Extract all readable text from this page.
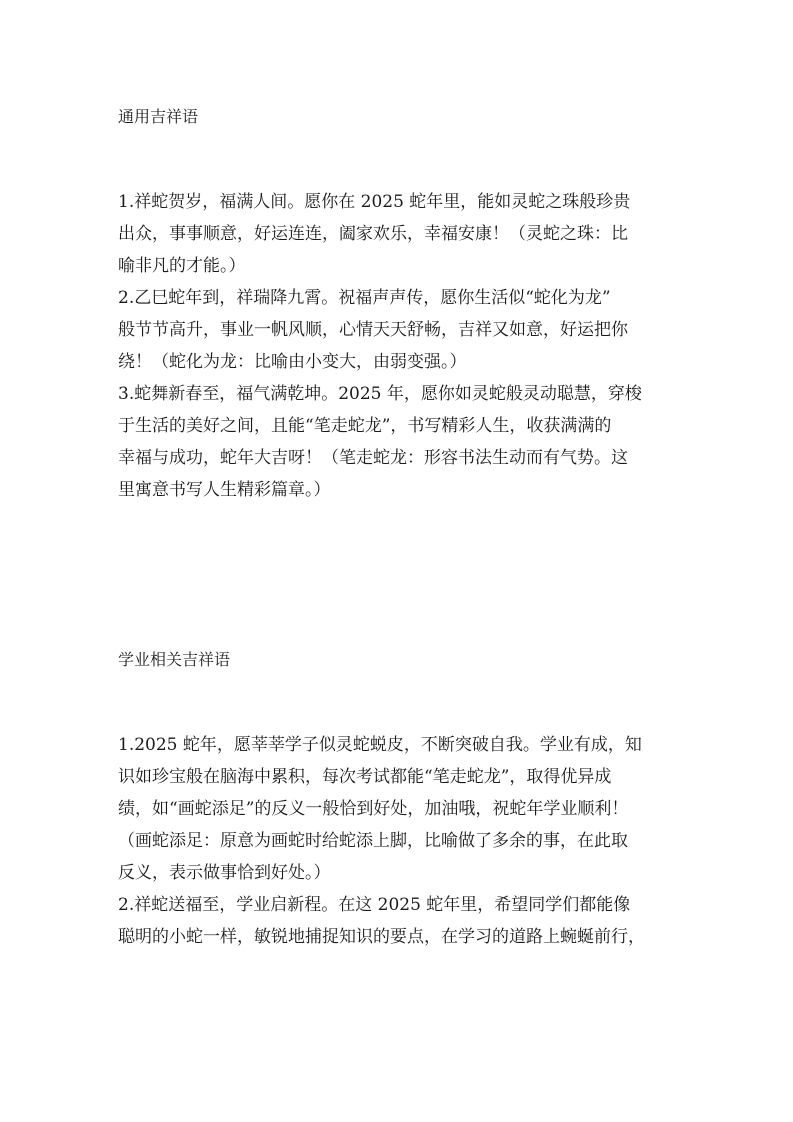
通用吉祥语
1.祥蛇贺岁，福满人间。愿你在 2025 蛇年里，能如灵蛇之珠般珍贵
出众，事事顺意，好运连连，阖家欢乐，幸福安康！（灵蛇之珠：比
喻非凡的才能。）
2.乙巳蛇年到，祥瑞降九霄。祝福声声传，愿你生活似“蛇化为龙”
般节节高升，事业一帆风顺，心情天天舒畅，吉祥又如意，好运把你
绕！（蛇化为龙：比喻由小变大，由弱变强。）
3.蛇舞新春至，福气满乾坤。2025 年，愿你如灵蛇般灵动聪慧，穿梭
于生活的美好之间，且能“笔走蛇龙”，书写精彩人生，收获满满的
幸福与成功，蛇年大吉呀！（笔走蛇龙：形容书法生动而有气势。这
里寓意书写人生精彩篇章。）
学业相关吉祥语
1.2025 蛇年，愿莘莘学子似灵蛇蜕皮，不断突破自我。学业有成，知
识如珍宝般在脑海中累积，每次考试都能“笔走蛇龙”，取得优异成
绩，如“画蛇添足”的反义一般恰到好处，加油哦，祝蛇年学业顺利！
（画蛇添足：原意为画蛇时给蛇添上脚，比喻做了多余的事，在此取
反义，表示做事恰到好处。）
2.祥蛇送福至，学业启新程。在这 2025 蛇年里，希望同学们都能像
聪明的小蛇一样，敏锐地捕捉知识的要点，在学习的道路上蜿蜒前行，
